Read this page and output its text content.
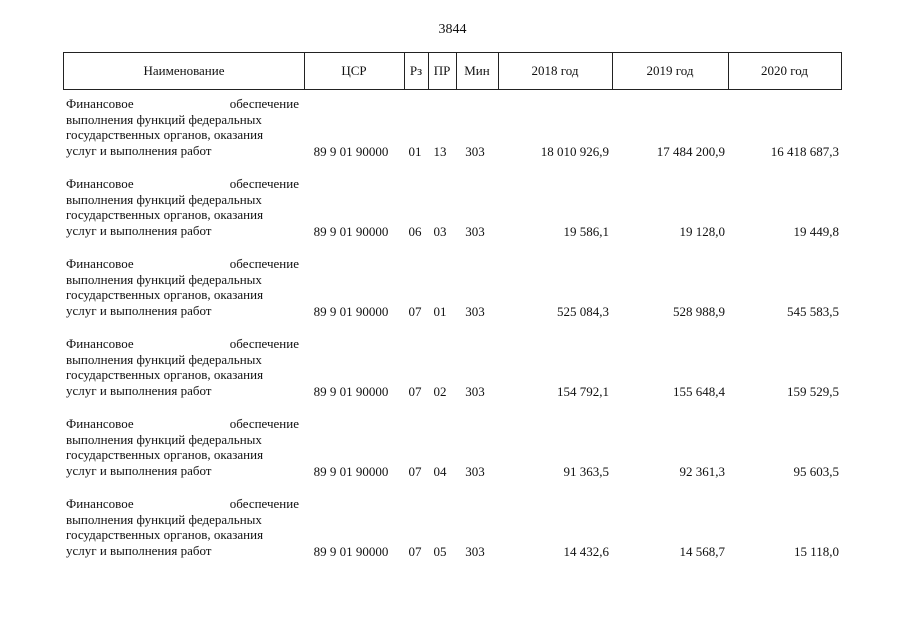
3844
Наименование	ЦСР	Рз ПР	Мин	2018 год	2019 год	2020 год
Финансовое обеспечение
выполнения функций федеральных
государственных органов, оказания
услуг и выполнения работ	89 9 01 90000	01 13	303	18 010 926,9	17 484 200,9	16 418 687,3
Финансовое обеспечение
выполнения функций федеральных
государственных органов, оказания
услуг и выполнения работ	89 9 01 90000	06 03	303	19 586,1	19 128,0	19 449,8
Финансовое обеспечение
выполнения функций федеральных
государственных органов, оказания
услуг и выполнения работ	89 9 01 90000	07 01	303	525 084,3	528 988,9	545 583,5
Финансовое обеспечение
выполнения функций федеральных
государственных органов, оказания
услуг и выполнения работ	89 9 01 90000	07 02	303	154 792,1	155 648,4	159 529,5
Финансовое обеспечение
выполнения функций федеральных
государственных органов, оказания
услуг и выполнения работ	89 9 01 90000	07 04	303	91 363,5	92 361,3	95 603,5
Финансовое обеспечение
выполнения функций федеральных
государственных органов, оказания
услуг и выполнения работ	89 9 01 90000	07 05	303	14 432,6	14 568,7	15 118,0
